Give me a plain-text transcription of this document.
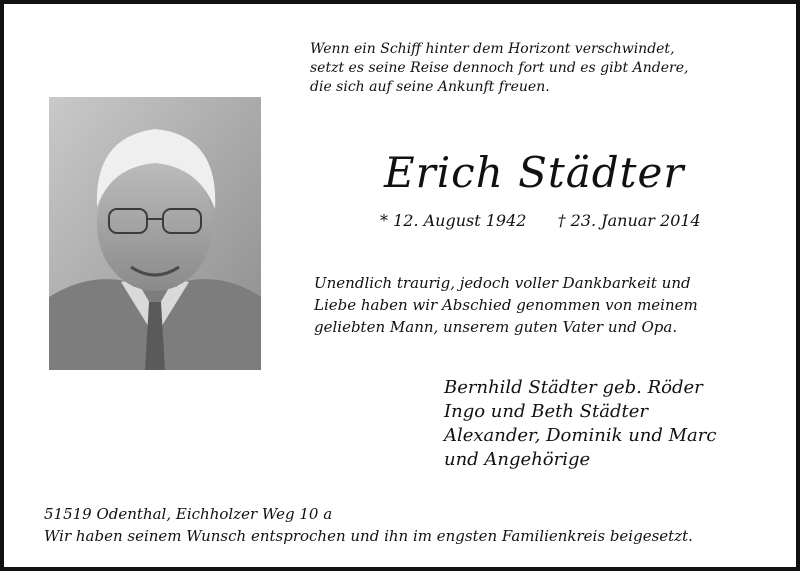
Wenn ein Schiff hinter dem Horizont verschwindet,
setzt es seine Reise dennoch fort und es gibt Andere,
die sich auf seine Ankunft freuen.
Erich Städter
* 12. August 1942 † 23. Januar 2014
Unendlich traurig, jedoch voller Dankbarkeit und
Liebe haben wir Abschied genommen von meinem
geliebten Mann, unserem guten Vater und Opa.
Bernhild Städter geb. Röder
Ingo und Beth Städter
Alexander, Dominik und Marc
und Angehörige
51519 Odenthal, Eichholzer Weg 10 a
Wir haben seinem Wunsch entsprochen und ihn im engsten Familienkreis beigesetzt.
